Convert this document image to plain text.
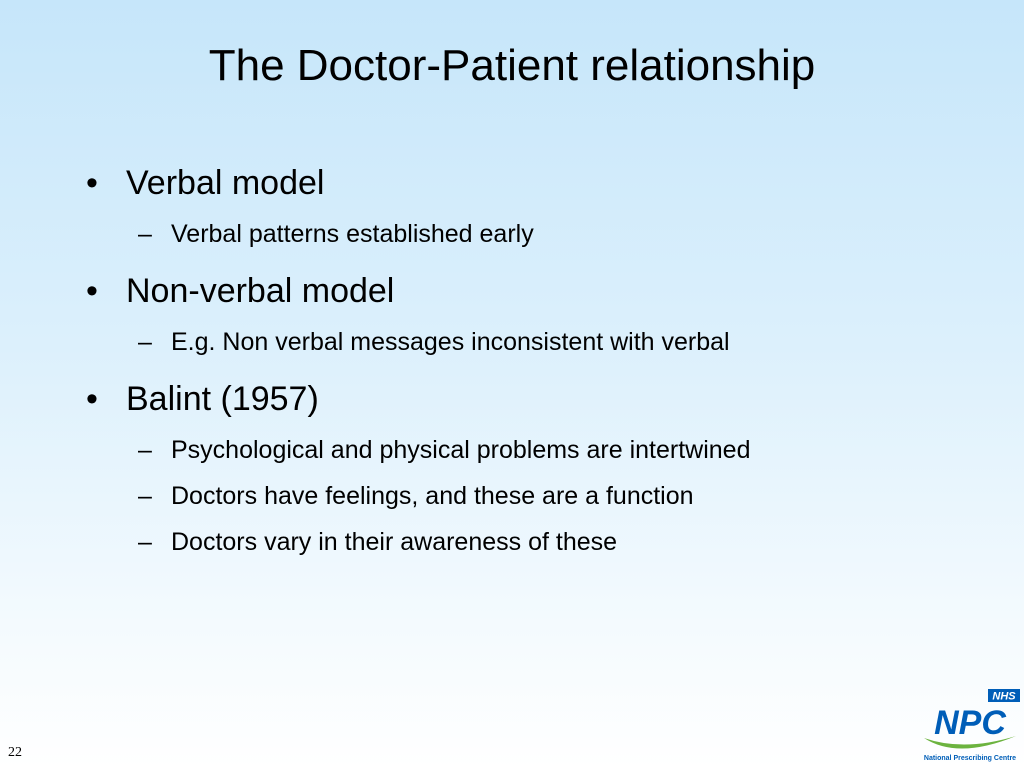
The Doctor-Patient relationship
• Verbal model
– Verbal patterns established early
• Non-verbal model
– E.g. Non verbal messages inconsistent with verbal
• Balint (1957)
– Psychological and physical problems are intertwined
– Doctors have feelings, and these are a function
– Doctors vary in their awareness of these
22
NHS
NPC
National Prescribing Centre
